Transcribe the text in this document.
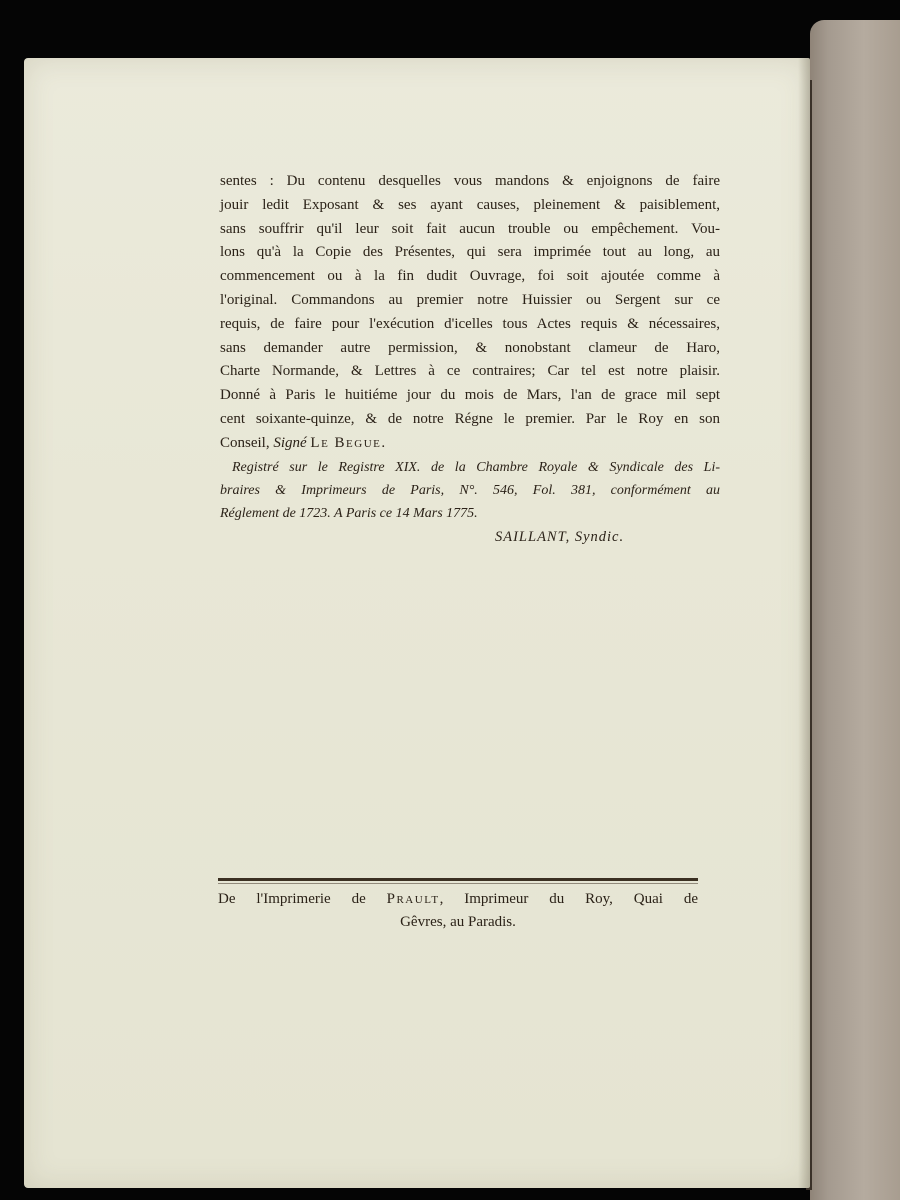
sentes : Du contenu desquelles vous mandons & enjoignons de faire
jouir ledit Exposant & ses ayant causes, pleinement & paisiblement,
sans souffrir qu'il leur soit fait aucun trouble ou empêchement. Vou-
lons qu'à la Copie des Présentes, qui sera imprimée tout au long, au
commencement ou à la fin dudit Ouvrage, foi soit ajoutée comme à
l'original. Commandons au premier notre Huissier ou Sergent sur ce
requis, de faire pour l'exécution d'icelles tous Actes requis & nécessaires,
sans demander autre permission, & nonobstant clameur de Haro,
Charte Normande, & Lettres à ce contraires; Car tel est notre plaisir.
Donné à Paris le huitiéme jour du mois de Mars, l'an de grace mil sept
cent soixante-quinze, & de notre Régne le premier. Par le Roy en son
Conseil, Signé Le Begue.
Registré sur le Registre XIX. de la Chambre Royale & Syndicale des Li-
braires & Imprimeurs de Paris, N°. 546, Fol. 381, conformément au
Réglement de 1723. A Paris ce 14 Mars 1775.
SAILLANT, Syndic.
De l'Imprimerie de Prault, Imprimeur du Roy, Quai de
Gêvres, au Paradis.
